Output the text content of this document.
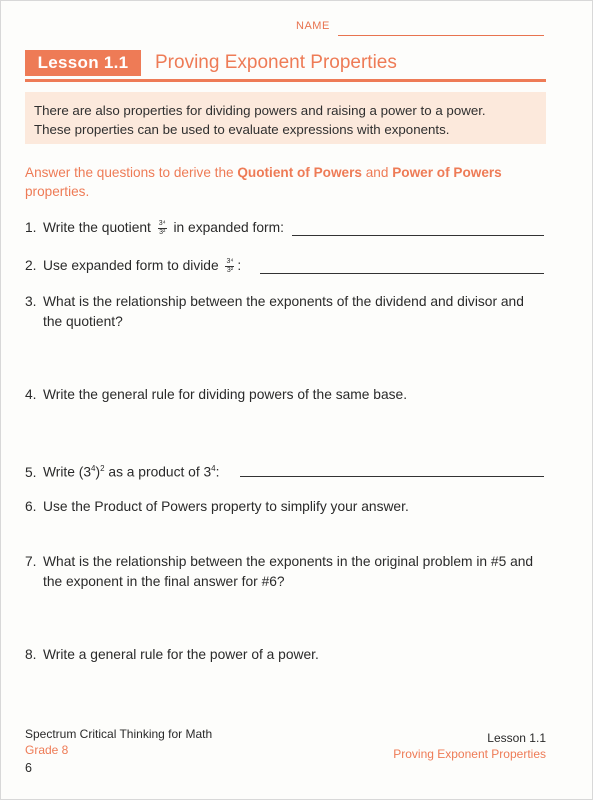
NAME
Lesson 1.1	Proving Exponent Properties
There are also properties for dividing powers and raising a power to a power.
These properties can be used to evaluate expressions with exponents.
Answer the questions to derive the Quotient of Powers and Power of Powers properties.
1. Write the quotient $\frac{\text{3⁴}}{\text{3²}}$ in expanded form:
2. Use expanded form to divide $\frac{\text{3⁴}}{\text{3²}}$ :
3. What is the relationship between the exponents of the dividend and divisor and
the quotient?
4. Write the general rule for dividing powers of the same base.
5. Write $(3^4)^2$ as a product of $3^4$:
6. Use the Product of Powers property to simplify your answer.
7. What is the relationship between the exponents in the original problem in #5 and
the exponent in the final answer for #6?
8. Write a general rule for the power of a power.
Spectrum Critical Thinking for Math
Grade 8
6
Lesson 1.1
Proving Exponent Properties
